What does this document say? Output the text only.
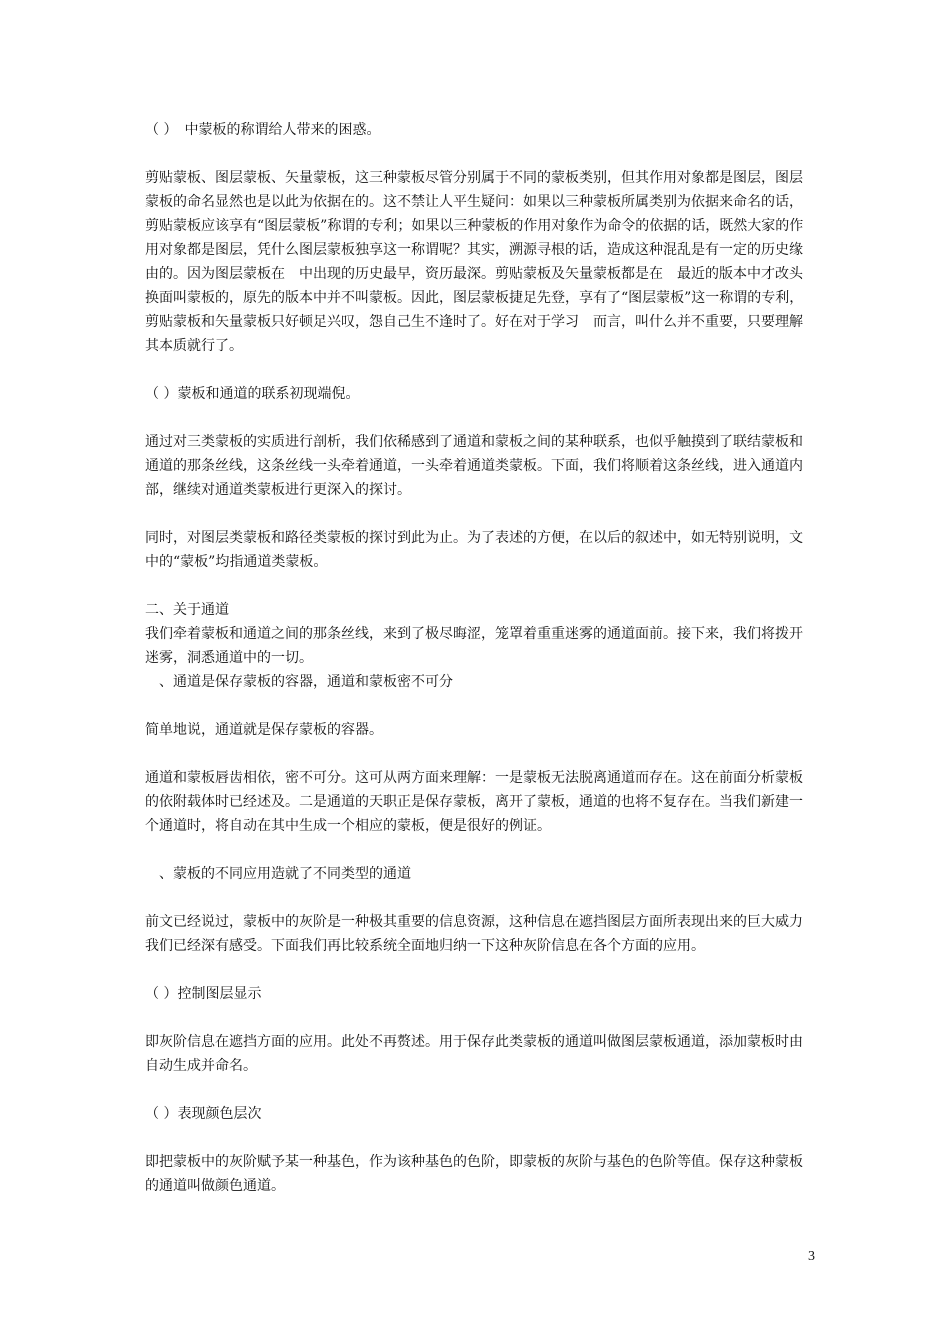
（ ）　中蒙板的称谓给人带来的困惑。

剪贴蒙板、图层蒙板、矢量蒙板，这三种蒙板尽管分别属于不同的蒙板类别，但其作用对象都是图层，图层蒙板的命名显然也是以此为依据在的。这不禁让人平生疑问：如果以三种蒙板所属类别为依据来命名的话，剪贴蒙板应该享有“图层蒙板”称谓的专利；如果以三种蒙板的作用对象作为命令的依据的话，既然大家的作用对象都是图层，凭什么图层蒙板独享这一称谓呢？其实，溯源寻根的话，造成这种混乱是有一定的历史缘由的。因为图层蒙板在　中出现的历史最早，资历最深。剪贴蒙板及矢量蒙板都是在　最近的版本中才改头换面叫蒙板的，原先的版本中并不叫蒙板。因此，图层蒙板捷足先登，享有了“图层蒙板”这一称谓的专利，剪贴蒙板和矢量蒙板只好顿足兴叹，怨自己生不逢时了。好在对于学习　而言，叫什么并不重要，只要理解其本质就行了。

（ ）蒙板和通道的联系初现端倪。

通过对三类蒙板的实质进行剖析，我们依稀感到了通道和蒙板之间的某种联系，也似乎触摸到了联结蒙板和通道的那条丝线，这条丝线一头牵着通道，一头牵着通道类蒙板。下面，我们将顺着这条丝线，进入通道内部，继续对通道类蒙板进行更深入的探讨。

同时，对图层类蒙板和路径类蒙板的探讨到此为止。为了表述的方便，在以后的叙述中，如无特别说明，文中的“蒙板”均指通道类蒙板。

二、关于通道

我们牵着蒙板和通道之间的那条丝线，来到了极尽晦涩，笼罩着重重迷雾的通道面前。接下来，我们将拨开迷雾，洞悉通道中的一切。

　、通道是保存蒙板的容器，通道和蒙板密不可分

简单地说，通道就是保存蒙板的容器。

通道和蒙板唇齿相依，密不可分。这可从两方面来理解：一是蒙板无法脱离通道而存在。这在前面分析蒙板的依附载体时已经述及。二是通道的天职正是保存蒙板，离开了蒙板，通道的也将不复存在。当我们新建一个通道时，将自动在其中生成一个相应的蒙板，便是很好的例证。

　、蒙板的不同应用造就了不同类型的通道

前文已经说过，蒙板中的灰阶是一种极其重要的信息资源，这种信息在遮挡图层方面所表现出来的巨大威力我们已经深有感受。下面我们再比较系统全面地归纳一下这种灰阶信息在各个方面的应用。

（ ）控制图层显示

即灰阶信息在遮挡方面的应用。此处不再赘述。用于保存此类蒙板的通道叫做图层蒙板通道，添加蒙板时由　自动生成并命名。

（ ）表现颜色层次

即把蒙板中的灰阶赋予某一种基色，作为该种基色的色阶，即蒙板的灰阶与基色的色阶等值。保存这种蒙板的通道叫做颜色通道。

3
